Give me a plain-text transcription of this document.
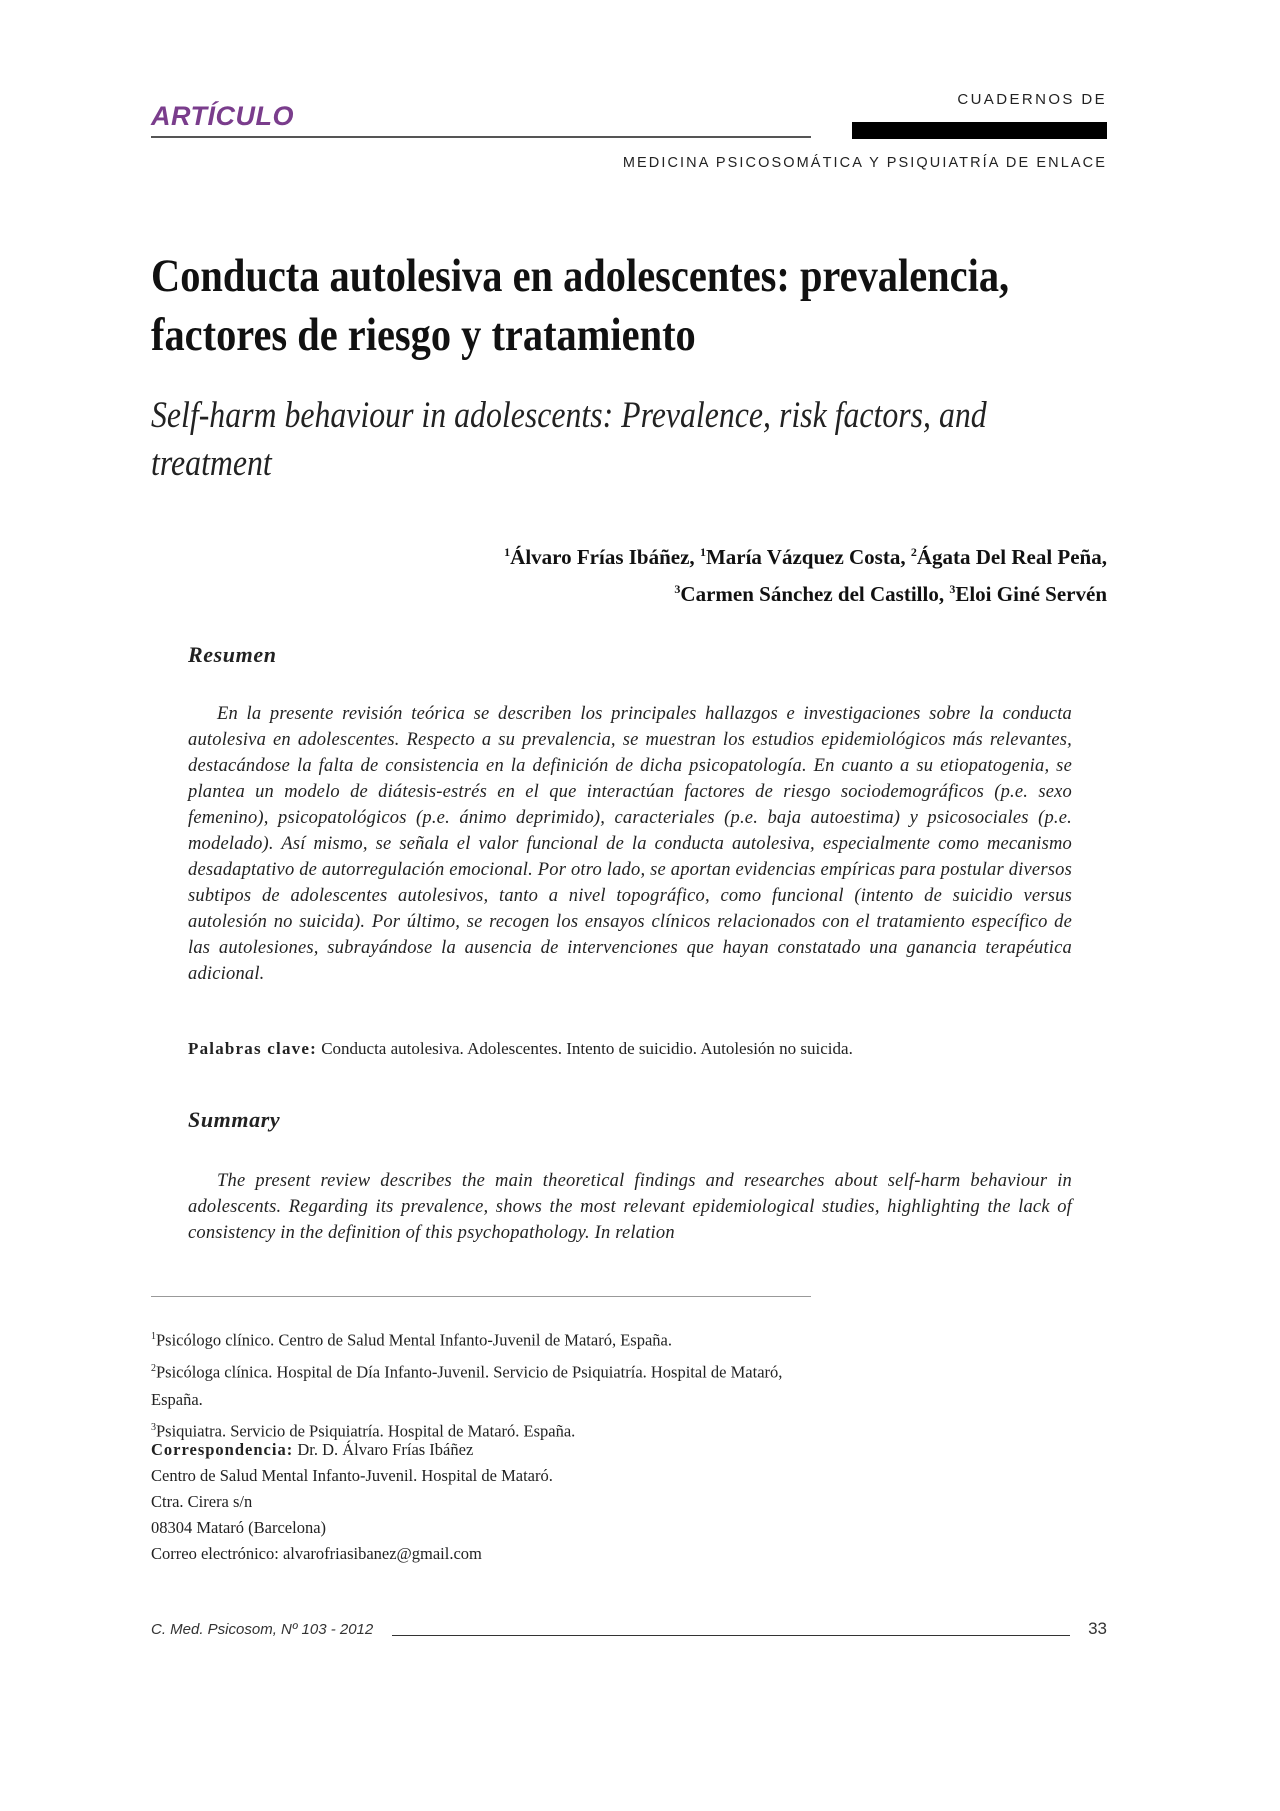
ARTÍCULO
CUADERNOS DE
MEDICINA PSICOSOMÁTICA Y PSIQUIATRÍA DE ENLACE
Conducta autolesiva en adolescentes: prevalencia,
factores de riesgo y tratamiento
Self-harm behaviour in adolescents: Prevalence, risk factors, and
treatment
$^1$Álvaro Frías Ibáñez, $^1$María Vázquez Costa, $^2$Ágata Del Real Peña,
$^3$Carmen Sánchez del Castillo, $^3$Eloi Giné Servén
Resumen

En la presente revisión teórica se describen los principales hallazgos e investigaciones sobre la conducta autolesiva en adolescentes. Respecto a su prevalencia, se muestran los estudios epidemiológicos más relevantes, destacándose la falta de consistencia en la definición de dicha psicopatología. En cuanto a su etiopatogenia, se plantea un modelo de diátesis-estrés en el que interactúan factores de riesgo sociodemográficos (p.e. sexo femenino), psicopatológicos (p.e. ánimo deprimido), caracteriales (p.e. baja autoestima) y psicosociales (p.e. modelado). Así mismo, se señala el valor funcional de la conducta autolesiva, especialmente como mecanismo desadaptativo de autorregulación emocional. Por otro lado, se aportan evidencias empíricas para postular diversos subtipos de adolescentes autolesivos, tanto a nivel topográfico, como funcional (intento de suicidio versus autolesión no suicida). Por último, se recogen los ensayos clínicos relacionados con el tratamiento específico de las autolesiones, subrayándose la ausencia de intervenciones que hayan constatado una ganancia terapéutica adicional.

Palabras clave: Conducta autolesiva. Adolescentes. Intento de suicidio. Autolesión no suicida.
Summary

The present review describes the main theoretical findings and researches about self-harm behaviour in adolescents. Regarding its prevalence, shows the most relevant epidemiological studies, highlighting the lack of consistency in the definition of this psychopathology. In relation

$^1$Psicólogo clínico. Centro de Salud Mental Infanto-Juvenil de Mataró, España.

$^2$Psicóloga clínica. Hospital de Día Infanto-Juvenil. Servicio de Psiquiatría. Hospital de Mataró, España.

$^3$Psiquiatra. Servicio de Psiquiatría. Hospital de Mataró. España.

Correspondencia: Dr. D. Álvaro Frías Ibáñez

Centro de Salud Mental Infanto-Juvenil. Hospital de Mataró.

Ctra. Cirera s/n

08304 Mataró (Barcelona)

Correo electrónico: alvarofriasibanez@gmail.com

C. Med. Psicosom, Nº 103 - 2012	33
